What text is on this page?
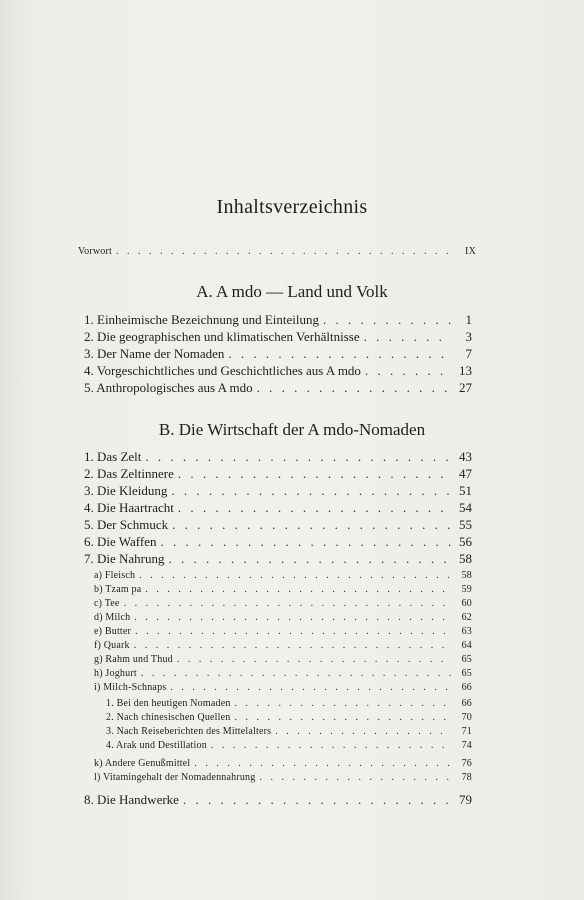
Inhaltsverzeichnis
Vorwort . . .	IX
A. A mdo — Land und Volk
1. Einheimische Bezeichnung und Einteilung . . .	1
2. Die geographischen und klimatischen Verhältnisse . . .	3
3. Der Name der Nomaden . . .	7
4. Vorgeschichtliches und Geschichtliches aus A mdo . . .	13
5. Anthropologisches aus A mdo . . .	27
B. Die Wirtschaft der A mdo-Nomaden
1. Das Zelt . . .	43
2. Das Zeltinnere . . .	47
3. Die Kleidung . . .	51
4. Die Haartracht . . .	54
5. Der Schmuck . . .	55
6. Die Waffen . . .	56
7. Die Nahrung . . .	58
a) Fleisch . . .	58
b) Tzam pa . . .	59
c) Tee . . .	60
d) Milch . . .	62
e) Butter . . .	63
f) Quark . . .	64
g) Rahm und Thud . . .	65
h) Joghurt . . .	65
i) Milch-Schnaps . . .	66
1. Bei den heutigen Nomaden . . .	66
2. Nach chinesischen Quellen . . .	70
3. Nach Reiseberichten des Mittelalters . . .	71
4. Arak und Destillation . . .	74
k) Andere Genußmittel . . .	76
l) Vitamingehalt der Nomadennahrung . . .	78
8. Die Handwerke . . .	79
